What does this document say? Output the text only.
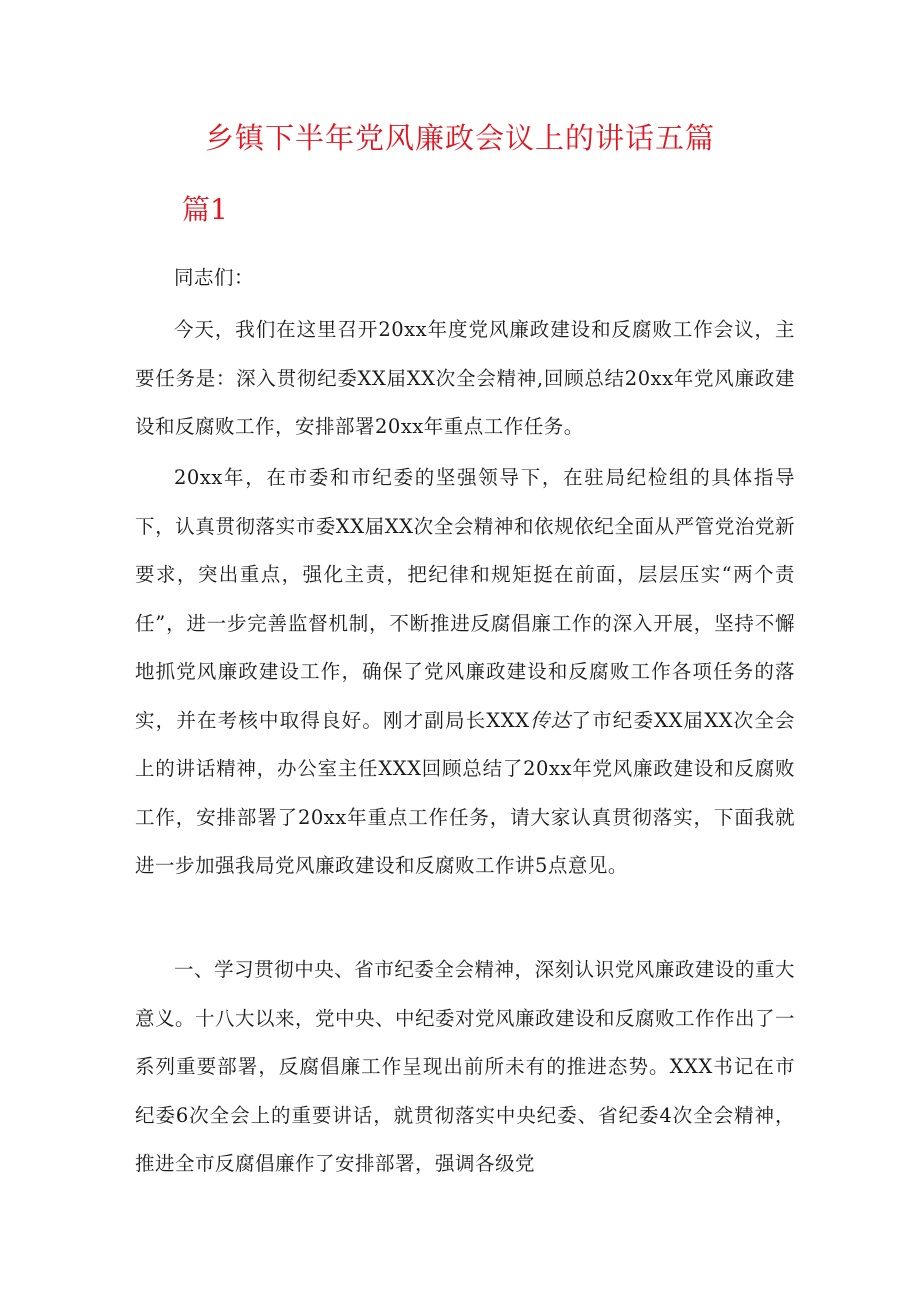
乡镇下半年党风廉政会议上的讲话五篇
篇1

同志们：

今天，我们在这里召开20xx年度党风廉政建设和反腐败工作会议，主要任务是：深入贯彻纪委XX届XX次全会精神,回顾总结20xx年党风廉政建设和反腐败工作，安排部署20xx年重点工作任务。

20xx年，在市委和市纪委的坚强领导下，在驻局纪检组的具体指导下，认真贯彻落实市委XX届XX次全会精神和依规依纪全面从严管党治党新要求，突出重点，强化主责，把纪律和规矩挺在前面，层层压实“两个责任”，进一步完善监督机制，不断推进反腐倡廉工作的深入开展，坚持不懈地抓党风廉政建设工作，确保了党风廉政建设和反腐败工作各项任务的落实，并在考核中取得良好。刚才副局长XXX传达了市纪委XX届XX次全会上的讲话精神，办公室主任XXX回顾总结了20xx年党风廉政建设和反腐败工作，安排部署了20xx年重点工作任务，请大家认真贯彻落实，下面我就进一步加强我局党风廉政建设和反腐败工作讲5点意见。

一、学习贯彻中央、省市纪委全会精神，深刻认识党风廉政建设的重大意义。十八大以来，党中央、中纪委对党风廉政建设和反腐败工作作出了一系列重要部署，反腐倡廉工作呈现出前所未有的推进态势。XXX书记在市纪委6次全会上的重要讲话，就贯彻落实中央纪委、省纪委4次全会精神，推进全市反腐倡廉作了安排部署，强调各级党
